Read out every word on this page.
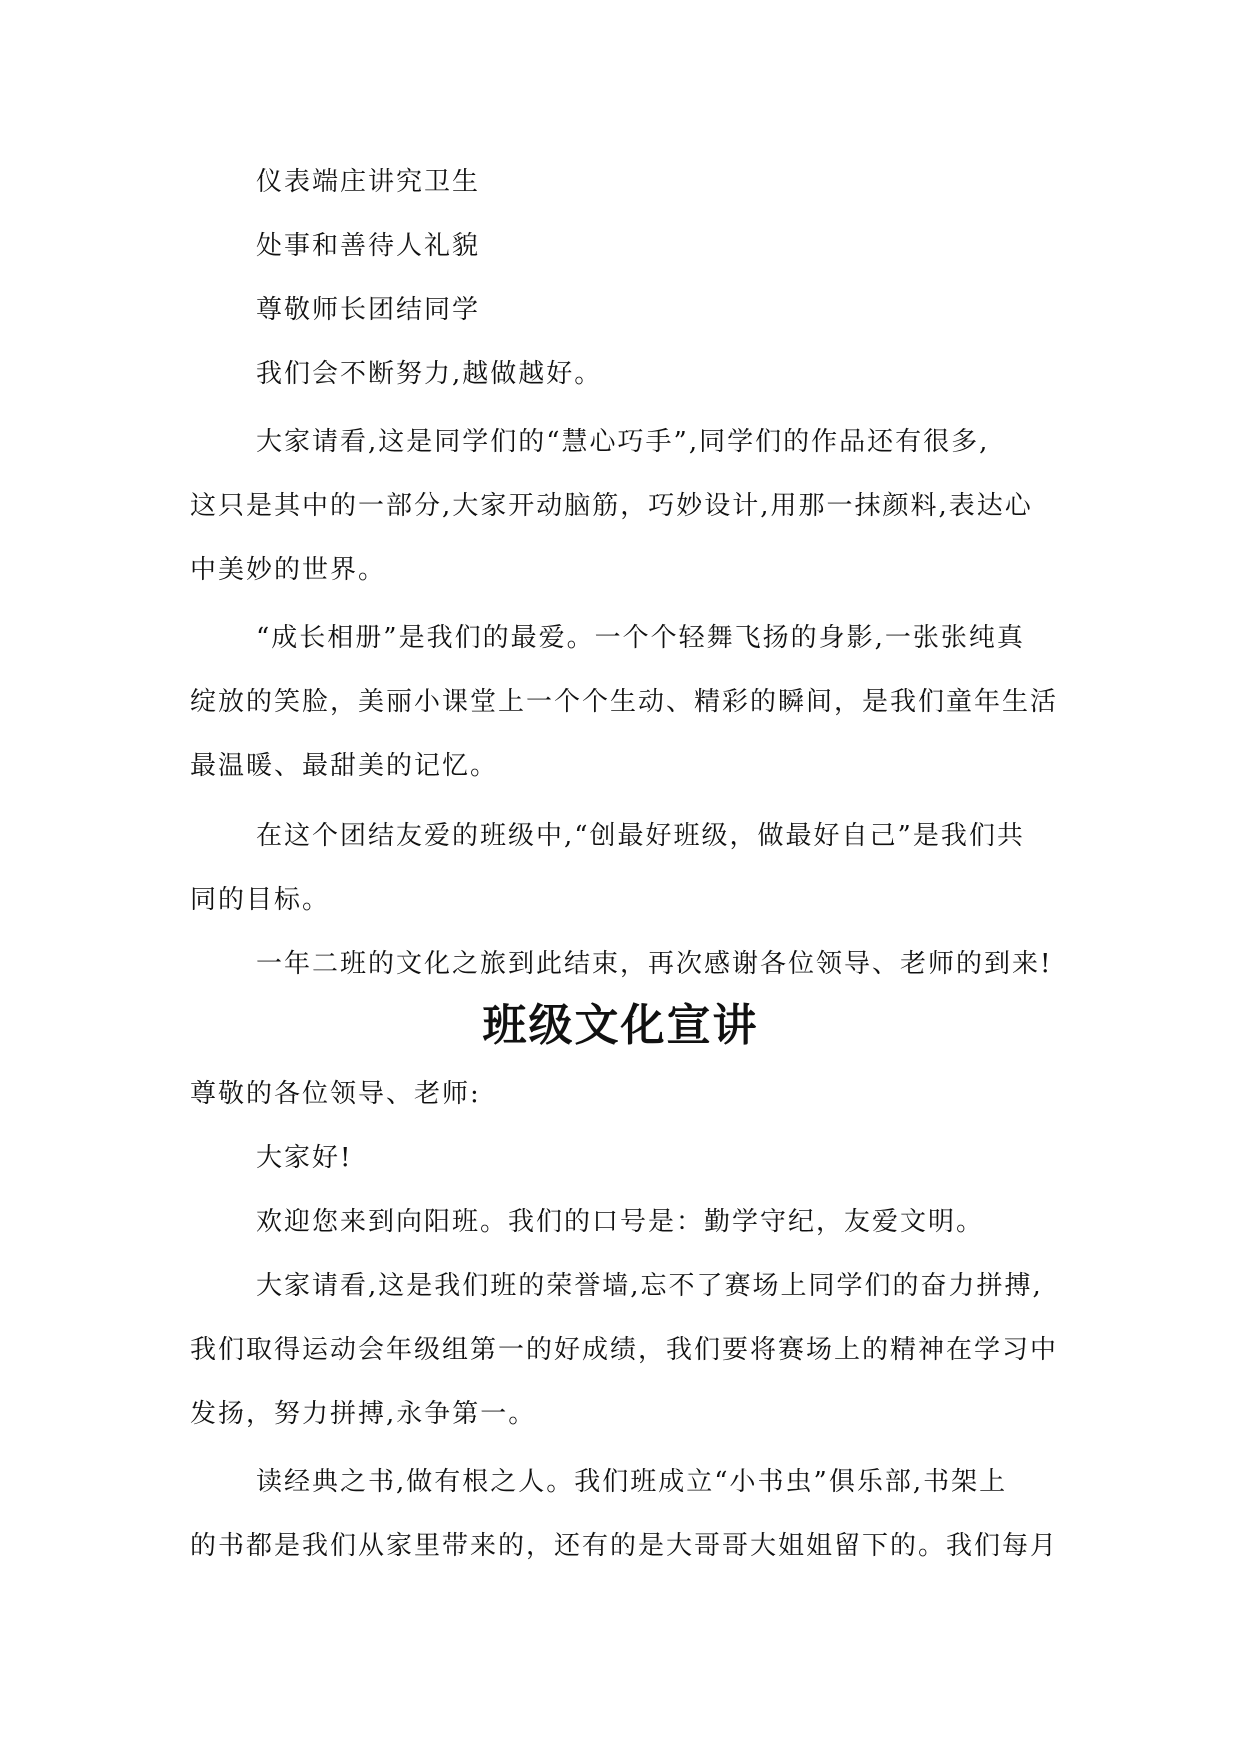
仪表端庄讲究卫生

处事和善待人礼貌

尊敬师长团结同学

我们会不断努力,越做越好。

大家请看,这是同学们的“慧心巧手”,同学们的作品还有很多,

这只是其中的一部分,大家开动脑筋，巧妙设计,用那一抹颜料,表达心

中美妙的世界。

“成长相册”是我们的最爱。一个个轻舞飞扬的身影,一张张纯真

绽放的笑脸，美丽小课堂上一个个生动、精彩的瞬间，是我们童年生活

最温暖、最甜美的记忆。

在这个团结友爱的班级中,“创最好班级，做最好自己”是我们共

同的目标。

一年二班的文化之旅到此结束，再次感谢各位领导、老师的到来!

班级文化宣讲

尊敬的各位领导、老师:

大家好!

欢迎您来到向阳班。我们的口号是：勤学守纪，友爱文明。

大家请看,这是我们班的荣誉墙,忘不了赛场上同学们的奋力拼搏,

我们取得运动会年级组第一的好成绩，我们要将赛场上的精神在学习中

发扬，努力拼搏,永争第一。

读经典之书,做有根之人。我们班成立“小书虫”俱乐部,书架上

的书都是我们从家里带来的，还有的是大哥哥大姐姐留下的。我们每月
